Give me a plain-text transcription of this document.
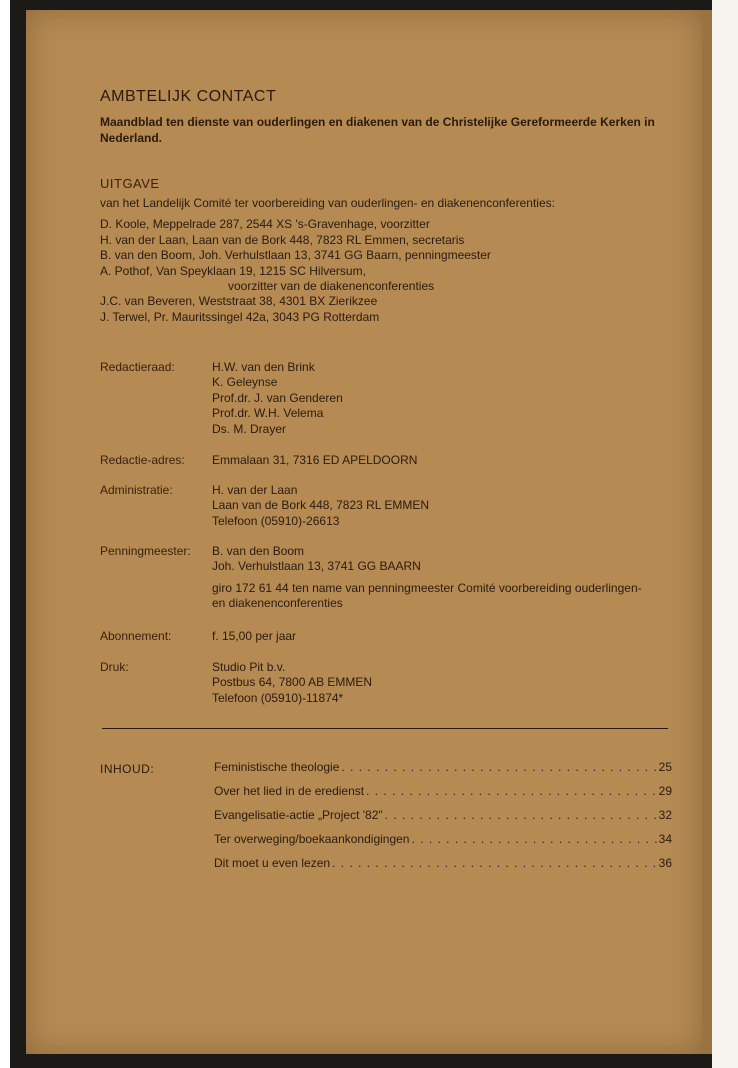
AMBTELIJK CONTACT
Maandblad ten dienste van ouderlingen en diakenen van de Christelijke Gereformeerde Kerken in Nederland.
UITGAVE
van het Landelijk Comité ter voorbereiding van ouderlingen- en diakenenconferenties:
D. Koole, Meppelrade 287, 2544 XS 's-Gravenhage, voorzitter
H. van der Laan, Laan van de Bork 448, 7823 RL Emmen, secretaris
B. van den Boom, Joh. Verhulstlaan 13, 3741 GG Baarn, penningmeester
A. Pothof, Van Speyklaan 19, 1215 SC Hilversum,
voorzitter van de diakenenconferenties
J.C. van Beveren, Weststraat 38, 4301 BX Zierikzee
J. Terwel, Pr. Mauritssingel 42a, 3043 PG Rotterdam
Redactieraad:	H.W. van den Brink
K. Geleynse
Prof.dr. J. van Genderen
Prof.dr. W.H. Velema
Ds. M. Drayer
Redactie-adres: Emmalaan 31, 7316 ED APELDOORN
Administratie:	H. van der Laan
Laan van de Bork 448, 7823 RL EMMEN
Telefoon (05910)-26613
Penningmeester: B. van den Boom
Joh. Verhulstlaan 13, 3741 GG BAARN
giro 172 61 44 ten name van penningmeester Comité voorbereiding ouderlingen- en diakenenconferenties
Abonnement:	f. 15,00 per jaar
Druk:	Studio Pit b.v.
Postbus 64, 7800 AB EMMEN
Telefoon (05910)-11874*
INHOUD:	Feministische theologie . . .	25
Over het lied in de eredienst . . .	29
Evangelisatie-actie „Project '82" . . .	32
Ter overweging/boekaankondigingen . . .	34
Dit moet u even lezen . . .	36
